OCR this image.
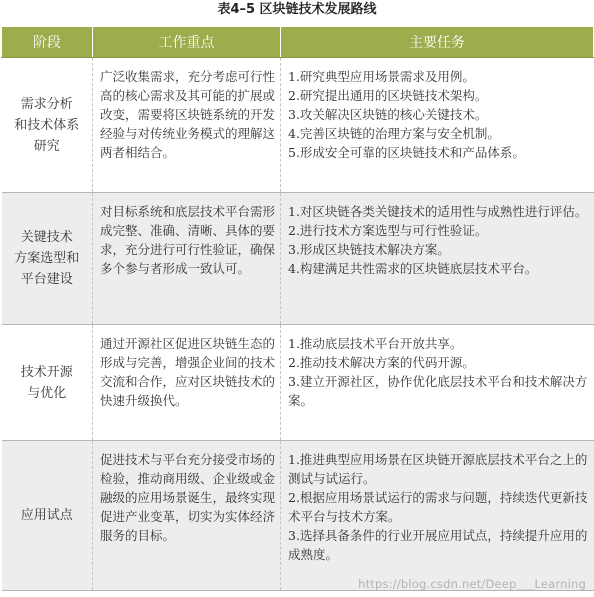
表4–5 区块链技术发展路线
阶段	工作重点	主要任务

需求分析
和技术体系
研究	广泛收集需求，充分考虑可行性高的核心需求及其可能的扩展或改变，需要将区块链系统的开发经验与对传统业务模式的理解这两者相结合。	1.研究典型应用场景需求及用例。
2.研究提出通用的区块链技术架构。
3.攻关解决区块链的核心关键技术。
4.完善区块链的治理方案与安全机制。
5.形成安全可靠的区块链技术和产品体系。

关键技术
方案选型和
平台建设	对目标系统和底层技术平台需形成完整、准确、清晰、具体的要求，充分进行可行性验证，确保多个参与者形成一致认可。	1.对区块链各类关键技术的适用性与成熟性进行评估。
2.进行技术方案选型与可行性验证。
3.形成区块链技术解决方案。
4.构建满足共性需求的区块链底层技术平台。

技术开源
与优化	通过开源社区促进区块链生态的形成与完善，增强企业间的技术交流和合作，应对区块链技术的快速升级换代。	1.推动底层技术平台开放共享。
2.推动技术解决方案的代码开源。
3.建立开源社区，协作优化底层技术平台和技术解决方案。

应用试点	促进技术与平台充分接受市场的检验，推动商用级、企业级或金融级的应用场景诞生，最终实现促进产业变革，切实为实体经济服务的目标。	1.推进典型应用场景在区块链开源底层技术平台之上的测试与试运行。
2.根据应用场景试运行的需求与问题，持续迭代更新技术平台与技术方案。
3.选择具备条件的行业开展应用试点，持续提升应用的成熟度。
https://blog.csdn.net/Deep___Learning
